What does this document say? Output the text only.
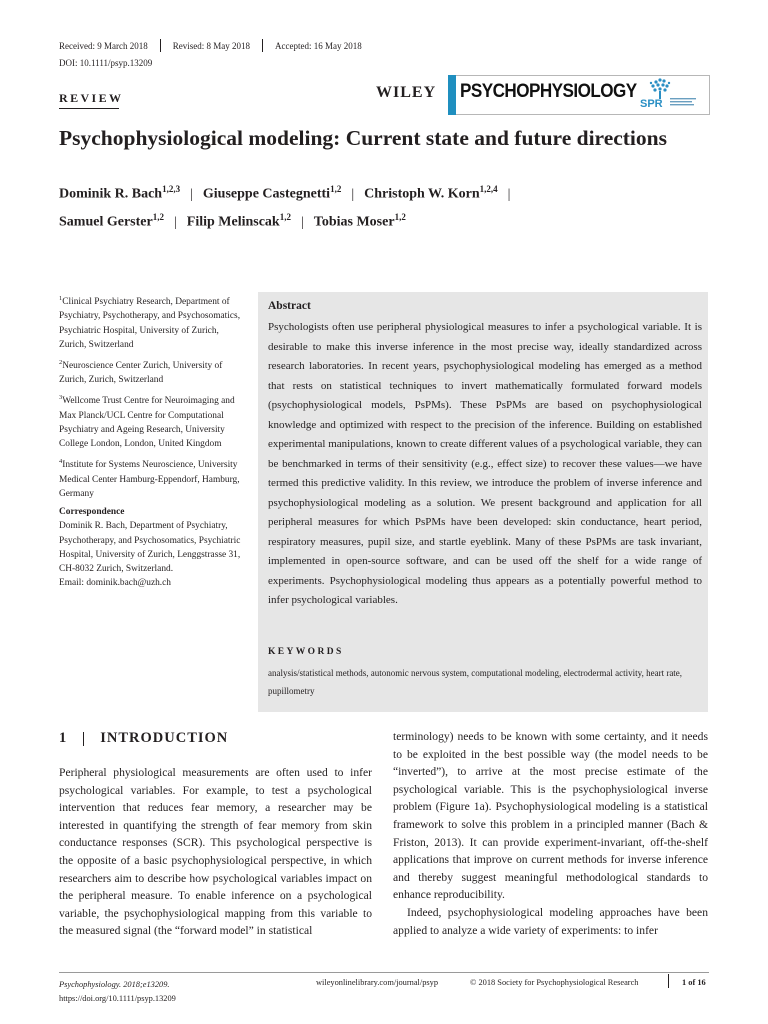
Received: 9 March 2018	Revised: 8 May 2018	Accepted: 16 May 2018
DOI: 10.1111/psyp.13209
REVIEW	WILEY PSYCHOPHYSIOLOGY
SPR
Psychophysiological modeling: Current state and future directions
Dominik R. Bach$^{1,2,3}$ | Giuseppe Castegnetti$^{1,2}$ | Christoph W. Korn$^{1,2,4}$ |
Samuel Gerster$^{1,2}$ | Filip Melinscak$^{1,2}$ | Tobias Moser$^{1,2}$

$^1$Clinical Psychiatry Research, Department of Psychiatry, Psychotherapy, and Psychosomatics, Psychiatric Hospital, University of Zurich, Zurich, Switzerland

$^2$Neuroscience Center Zurich, University of Zurich, Zurich, Switzerland

$^3$Wellcome Trust Centre for Neuroimaging and Max Planck/UCL Centre for Computational Psychiatry and Ageing Research, University College London, London, United Kingdom

$^4$Institute for Systems Neuroscience, University Medical Center Hamburg-Eppendorf, Hamburg, Germany

Correspondence
Dominik R. Bach, Department of Psychiatry, Psychotherapy, and Psychosomatics, Psychiatric Hospital, University of Zurich, Lenggstrasse 31, CH-8032 Zurich, Switzerland.
Email: dominik.bach@uzh.ch
Abstract
Psychologists often use peripheral physiological measures to infer a psychological variable. It is desirable to make this inverse inference in the most precise way, ideally standardized across research laboratories. In recent years, psychophysiological modeling has emerged as a method that rests on statistical techniques to invert mathematically formulated forward models (psychophysiological models, PsPMs). These PsPMs are based on psychophysiological knowledge and optimized with respect to the precision of the inference. Building on established experimental manipulations, known to create different values of a psychological variable, they can be benchmarked in terms of their sensitivity (e.g., effect size) to recover these values—we have termed this predictive validity. In this review, we introduce the problem of inverse inference and psychophysiological modeling as a solution. We present background and application for all peripheral measures for which PsPMs have been developed: skin conductance, heart period, respiratory measures, pupil size, and startle eyeblink. Many of these PsPMs are task invariant, implemented in open-source software, and can be used off the shelf for a wide range of experiments. Psychophysiological modeling thus appears as a potentially powerful method to infer psychological variables.
KEYWORDS
analysis/statistical methods, autonomic nervous system, computational modeling, electrodermal activity, heart rate, pupillometry
1 INTRODUCTION

Peripheral physiological measurements are often used to infer psychological variables. For example, to test a psychological intervention that reduces fear memory, a researcher may be interested in quantifying the strength of fear memory from skin conductance responses (SCR). This psychological perspective is the opposite of a basic psychophysiological perspective, in which researchers aim to describe how psychological variables impact on the peripheral measure. To enable inference on a psychological variable, the psychophysiological mapping from this variable to the measured signal (the “forward model” in statistical

terminology) needs to be known with some certainty, and it needs to be exploited in the best possible way (the model needs to be “inverted”), to arrive at the most precise estimate of the psychological variable. This is the psychophysiological inverse problem (Figure 1a). Psychophysiological modeling is a statistical framework to solve this problem in a principled manner (Bach & Friston, 2013). It can provide experiment-invariant, off-the-shelf applications that improve on current methods for inverse inference and thereby suggest meaningful methodological standards to enhance reproducibility.

Indeed, psychophysiological modeling approaches have been applied to analyze a wide variety of experiments: to infer

Psychophysiology. 2018;e13209.
https://doi.org/10.1111/psyp.13209
wileyonlinelibrary.com/journal/psyp	© 2018 Society for Psychophysiological Research	1 of 16
